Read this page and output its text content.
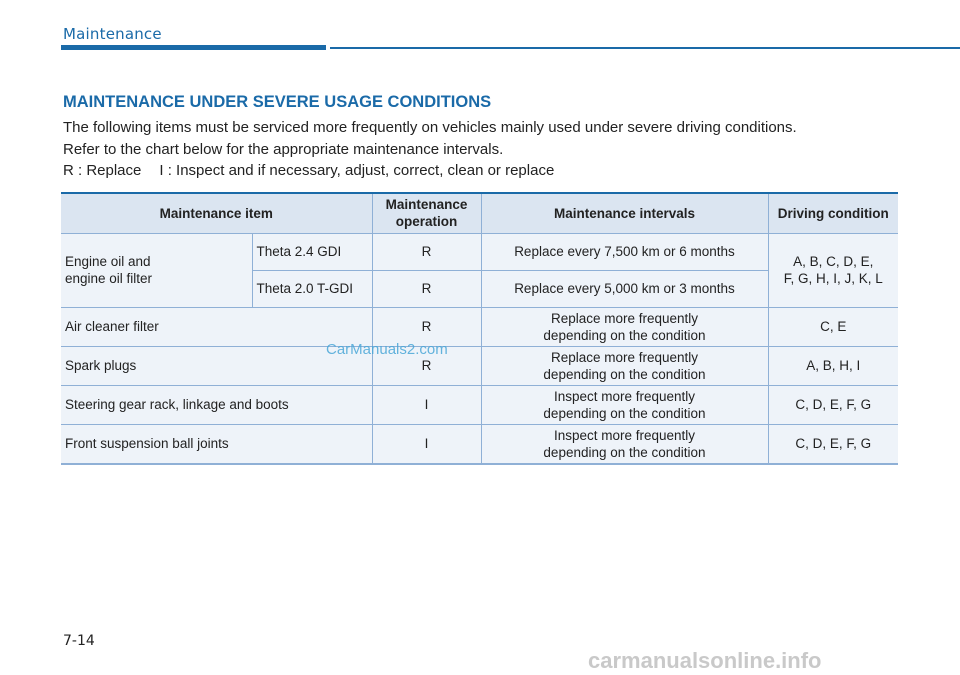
Maintenance
MAINTENANCE UNDER SEVERE USAGE CONDITIONS
The following items must be serviced more frequently on vehicles mainly used under severe driving conditions.
Refer to the chart below for the appropriate maintenance intervals.
R : Replace I : Inspect and if necessary, adjust, correct, clean or replace
Maintenance item		Maintenance
operation	Maintenance intervals	Driving condition
Engine oil and
engine oil filter	Theta 2.4 GDI	R	Replace every 7,500 km or 6 months	A, B, C, D, E,
F, G, H, I, J, K, L
	Theta 2.0 T-GDI	R	Replace every 5,000 km or 3 months	
Air cleaner filter		R	Replace more frequently
depending on the condition	C, E
Spark plugs		R	Replace more frequently
depending on the condition	A, B, H, I
Steering gear rack, linkage and boots		I	Inspect more frequently
depending on the condition	C, D, E, F, G
Front suspension ball joints		I	Inspect more frequently
depending on the condition	C, D, E, F, G
CarManuals2.com
7-14
carmanualsonline.info
